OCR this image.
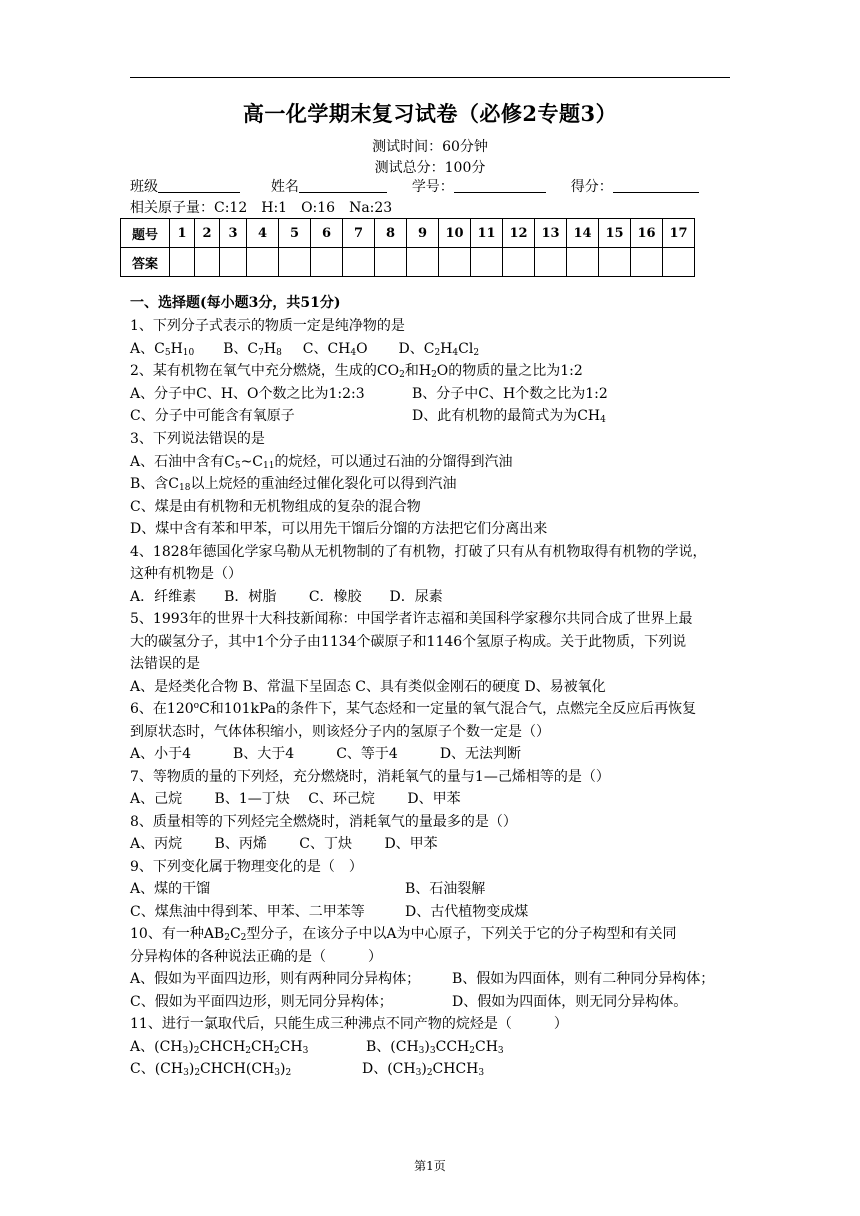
高一化学期末复习试卷（必修2专题3）
测试时间：60分钟
测试总分：100分
班级	姓名	学号：	得分：
相关原子量：C:12　H:1　O:16　Na:23
题号	1	2	3	4	5	6	7	8	9	10	11	12	13	14	15	16	17
答案																	
一、选择题(每小题3分，共51分)
1、下列分子式表示的物质一定是纯净物的是
A、$C_5H_{10}$ B、$C_7H_8$ C、$CH_4O$ D、$C_2H_4Cl_2$
2、某有机物在氧气中充分燃烧，生成的$CO_2$和$H_2O$的物质的量之比为1:2
A、分子中C、H、O个数之比为1:2:3	B、分子中C、H个数之比为1:2
C、分子中可能含有氧原子	D、此有机物的最简式为为$CH_4$
3、下列说法错误的是
A、石油中含有$C_5\sim C_{11}$的烷烃，可以通过石油的分馏得到汽油
B、含$C_{18}$以上烷烃的重油经过催化裂化可以得到汽油
C、煤是由有机物和无机物组成的复杂的混合物
D、煤中含有苯和甲苯，可以用先干馏后分馏的方法把它们分离出来
4、1828年德国化学家乌勒从无机物制的了有机物，打破了只有从有机物取得有机物的学说，
这种有机物是（）
A．纤维素　　B．树脂　　 C．橡胶　　D．尿素
5、1993年的世界十大科技新闻称：中国学者许志福和美国科学家穆尔共同合成了世界上最
大的碳氢分子，其中1个分子由1134个碳原子和1146个氢原子构成。关于此物质，下列说
法错误的是
A、是烃类化合物 B、常温下呈固态 C、具有类似金刚石的硬度 D、易被氧化
6、在120$^o$C和101kPa的条件下，某气态烃和一定量的氧气混合气，点燃完全反应后再恢复
到原状态时，气体体积缩小，则该烃分子内的氢原子个数一定是（）
A、小于4　　　B、大于4　　　C、等于4　　　D、无法判断
7、等物质的量的下列烃，充分燃烧时，消耗氧气的量与1—己烯相等的是（）
A、己烷　　 B、1—丁炔　 C、环己烷　　 D、甲苯
8、质量相等的下列烃完全燃烧时，消耗氧气的量最多的是（）
A、丙烷　　 B、丙烯　　 C、丁炔　　 D、甲苯
9、下列变化属于物理变化的是（　）
A、煤的干馏	B、石油裂解
C、煤焦油中得到苯、甲苯、二甲苯等	D、古代植物变成煤
10、有一种$AB_2C_2$型分子，在该分子中以A为中心原子，下列关于它的分子构型和有关同
分异构体的各种说法正确的是（　　　）
A、假如为平面四边形，则有两种同分异构体； B、假如为四面体，则有二种同分异构体；
C、假如为平面四边形，则无同分异构体；	D、假如为四面体，则无同分异构体。
11、进行一氯取代后，只能生成三种沸点不同产物的烷烃是（　　　）
A、$(CH_3)_2CHCH_2CH_2CH_3$	B、$(CH_3)_3CCH_2CH_3$
C、$(CH_3)_2CHCH(CH_3)_2$	D、$(CH_3)_2CHCH_3$
第1页
